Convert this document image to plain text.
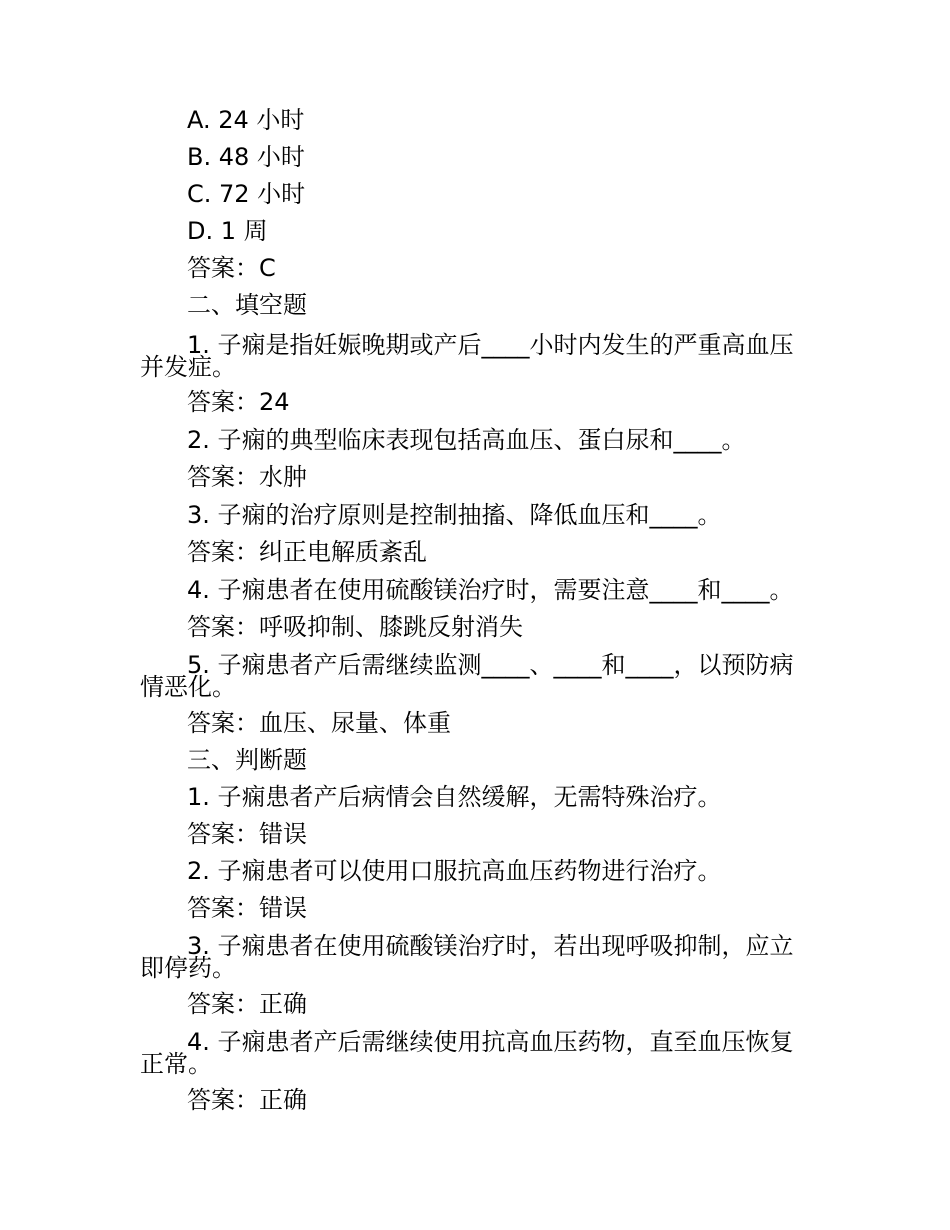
A. 24 小时
B. 48 小时
C. 72 小时
D. 1 周
答案：C
二、填空题
1. 子痫是指妊娠晚期或产后____小时内发生的严重高血压
并发症。
答案：24
2. 子痫的典型临床表现包括高血压、蛋白尿和____。
答案：水肿
3. 子痫的治疗原则是控制抽搐、降低血压和____。
答案：纠正电解质紊乱
4. 子痫患者在使用硫酸镁治疗时，需要注意____和____。
答案：呼吸抑制、膝跳反射消失
5. 子痫患者产后需继续监测____、____和____，以预防病
情恶化。
答案：血压、尿量、体重
三、判断题
1. 子痫患者产后病情会自然缓解，无需特殊治疗。
答案：错误
2. 子痫患者可以使用口服抗高血压药物进行治疗。
答案：错误
3. 子痫患者在使用硫酸镁治疗时，若出现呼吸抑制，应立
即停药。
答案：正确
4. 子痫患者产后需继续使用抗高血压药物，直至血压恢复
正常。
答案：正确
